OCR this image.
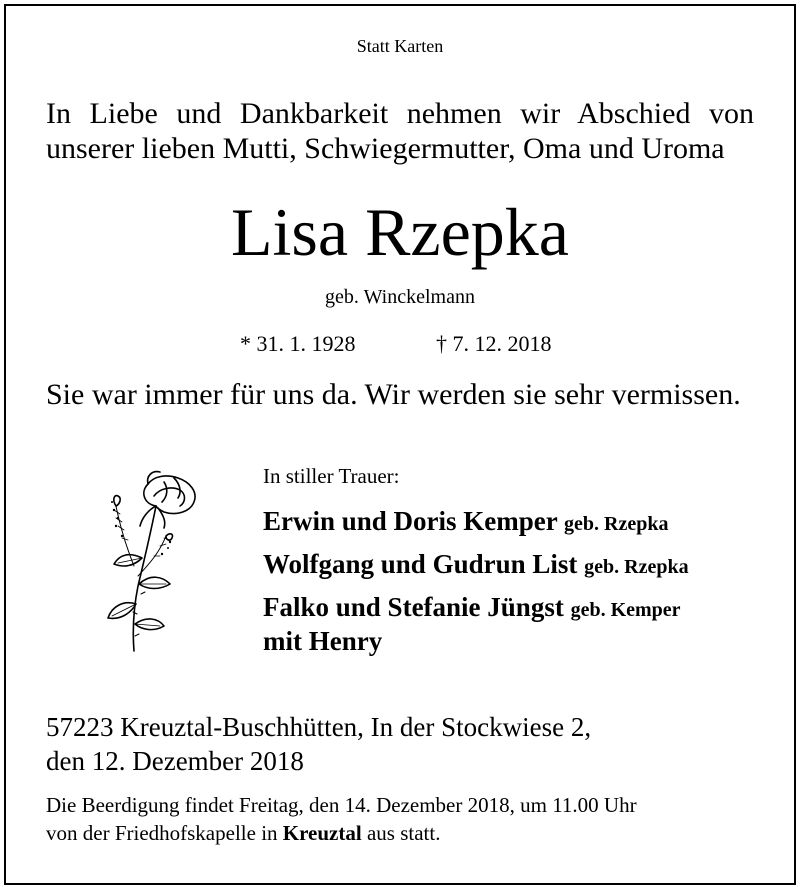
Statt Karten

In Liebe und Dankbarkeit nehmen wir Abschied von
unserer lieben Mutti, Schwiegermutter, Oma und Uroma

Lisa Rzepka

geb. Winckelmann

* 31. 1. 1928	† 7. 12. 2018

Sie war immer für uns da. Wir werden sie sehr vermissen.

In stiller Trauer:

Erwin und Doris Kemper geb. Rzepka

Wolfgang und Gudrun List geb. Rzepka

Falko und Stefanie Jüngst geb. Kemper

mit Henry

57223 Kreuztal-Buschhütten, In der Stockwiese 2,

den 12. Dezember 2018

Die Beerdigung findet Freitag, den 14. Dezember 2018, um 11.00 Uhr

von der Friedhofskapelle in Kreuztal aus statt.
